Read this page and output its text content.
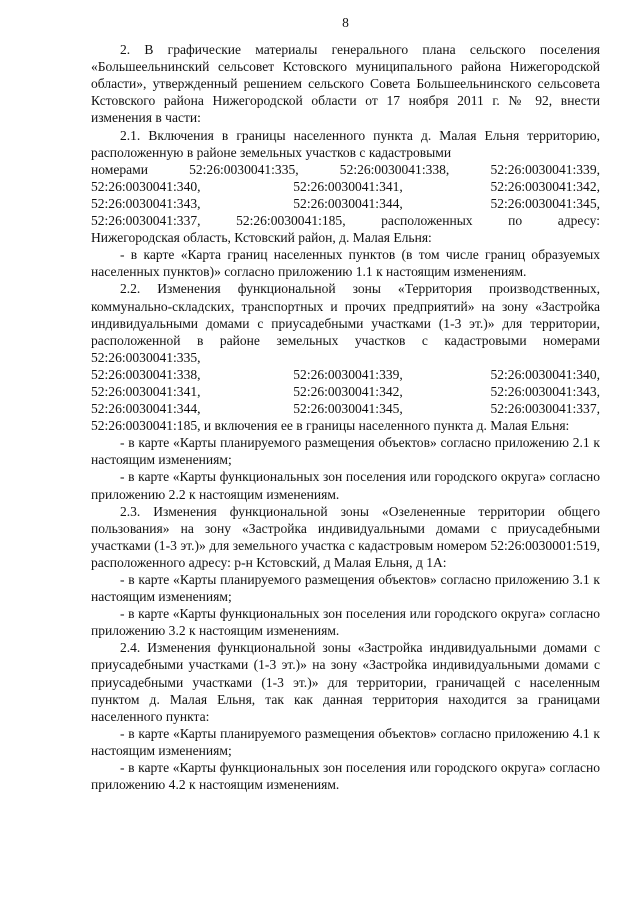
8

2. В графические материалы генерального плана сельского поселения «Большеельнинский сельсовет Кстовского муниципального района Нижегородской области», утвержденный решением сельского Совета Большеельнинского сельсовета Кстовского района Нижегородской области от 17 ноября 2011 г. № 92, внести изменения в части:

2.1. Включения в границы населенного пункта д. Малая Ельня территорию, расположенную в районе земельных участков с кадастровыми

номерами	52:26:0030041:335,	52:26:0030041:338,	52:26:0030041:339,
52:26:0030041:340,	52:26:0030041:341,	52:26:0030041:342,
52:26:0030041:343,	52:26:0030041:344,	52:26:0030041:345,
52:26:0030041:337,	52:26:0030041:185,	расположенных	по	адресу:
Нижегородская область, Кстовский район, д. Малая Ельня:

- в карте «Карта границ населенных пунктов (в том числе границ образуемых населенных пунктов)» согласно приложению 1.1 к настоящим изменениям.

2.2. Изменения функциональной зоны «Территория производственных, коммунально-складских, транспортных и прочих предприятий» на зону «Застройка индивидуальными домами с приусадебными участками (1-3 эт.)» для территории, расположенной в районе земельных участков с кадастровыми номерами 52:26:0030041:335,

52:26:0030041:338,	52:26:0030041:339,	52:26:0030041:340,
52:26:0030041:341,	52:26:0030041:342,	52:26:0030041:343,
52:26:0030041:344,	52:26:0030041:345,	52:26:0030041:337,
52:26:0030041:185, и включения ее в границы населенного пункта д. Малая Ельня:

- в карте «Карты планируемого размещения объектов» согласно приложению 2.1 к настоящим изменениям;

- в карте «Карты функциональных зон поселения или городского округа» согласно приложению 2.2 к настоящим изменениям.

2.3. Изменения функциональной зоны «Озелененные территории общего пользования» на зону «Застройка индивидуальными домами с приусадебными участками (1-3 эт.)» для земельного участка с кадастровым номером 52:26:0030001:519, расположенного адресу: р-н Кстовский, д Малая Ельня, д 1А:

- в карте «Карты планируемого размещения объектов» согласно приложению 3.1 к настоящим изменениям;

- в карте «Карты функциональных зон поселения или городского округа» согласно приложению 3.2 к настоящим изменениям.

2.4. Изменения функциональной зоны «Застройка индивидуальными домами с приусадебными участками (1-3 эт.)» на зону «Застройка индивидуальными домами с приусадебными участками (1-3 эт.)» для территории, граничащей с населенным пунктом д. Малая Ельня, так как данная территория находится за границами населенного пункта:

- в карте «Карты планируемого размещения объектов» согласно приложению 4.1 к настоящим изменениям;

- в карте «Карты функциональных зон поселения или городского округа» согласно приложению 4.2 к настоящим изменениям.
